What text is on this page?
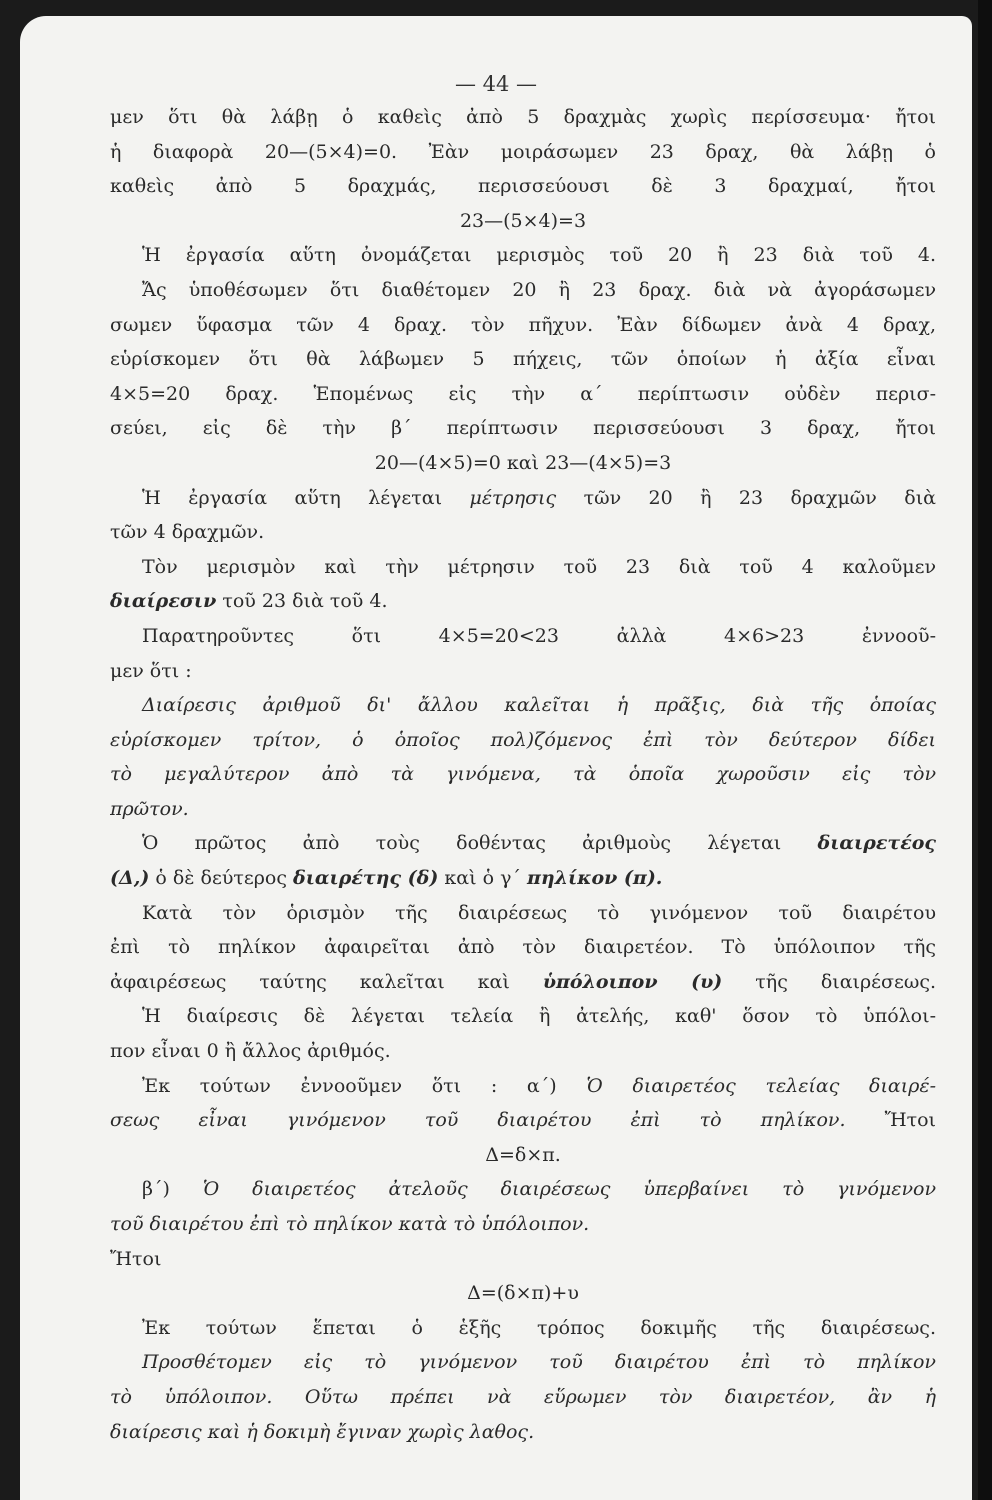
— 44 —
μεν ὅτι θὰ λάβῃ ὁ καθεὶς ἀπὸ 5 δραχμὰς χωρὶς περίσσευμα· ἤτοι
ἡ διαφορὰ 20—(5×4)=0. Ἐὰν μοιράσωμεν 23 δραχ, θὰ λάβῃ ὁ
καθεὶς ἀπὸ 5 δραχμάς, περισσεύουσι δὲ 3 δραχμαί, ἤτοι
23—(5×4)=3
Ἡ ἐργασία αὕτη ὀνομάζεται μερισμὸς τοῦ 20 ἢ 23 διὰ τοῦ 4.
Ἄς ὑποθέσωμεν ὅτι διαθέτομεν 20 ἢ 23 δραχ. διὰ νὰ ἀγοράσωμεν
σωμεν ὕφασμα τῶν 4 δραχ. τὸν πῆχυν. Ἐὰν δίδωμεν ἀνὰ 4 δραχ,
εὑρίσκομεν ὅτι θὰ λάβωμεν 5 πήχεις, τῶν ὁποίων ἡ ἀξία εἶναι
4×5=20 δραχ. Ἑπομένως εἰς τὴν α΄ περίπτωσιν οὐδὲν περισ-
σεύει, εἰς δὲ τὴν β΄ περίπτωσιν περισσεύουσι 3 δραχ, ἤτοι
20—(4×5)=0 καὶ 23—(4×5)=3
Ἡ ἐργασία αὕτη λέγεται μέτρησις τῶν 20 ἢ 23 δραχμῶν διὰ
τῶν 4 δραχμῶν.
Τὸν μερισμὸν καὶ τὴν μέτρησιν τοῦ 23 διὰ τοῦ 4 καλοῦμεν
διαίρεσιν τοῦ 23 διὰ τοῦ 4.
Παρατηροῦντες ὅτι 4×5=20<23 ἀλλὰ 4×6>23 ἐννοοῦ-
μεν ὅτι :
Διαίρεσις ἀριθμοῦ δι' ἄλλου καλεῖται ἡ πρᾶξις, διὰ τῆς ὁποίας
εὑρίσκομεν τρίτον, ὁ ὁποῖος πολ)ζόμενος ἐπὶ τὸν δεύτερον δίδει
τὸ μεγαλύτερον ἀπὸ τὰ γινόμενα, τὰ ὁποῖα χωροῦσιν εἰς τὸν
πρῶτον.
Ὁ πρῶτος ἀπὸ τοὺς δοθέντας ἀριθμοὺς λέγεται διαιρετέος
(Δ,) ὁ δὲ δεύτερος διαιρέτης (δ) καὶ ὁ γ΄ πηλίκον (π).
Κατὰ τὸν ὁρισμὸν τῆς διαιρέσεως τὸ γινόμενον τοῦ διαιρέτου
ἐπὶ τὸ πηλίκον ἀφαιρεῖται ἀπὸ τὸν διαιρετέον. Τὸ ὑπόλοιπον τῆς
ἀφαιρέσεως ταύτης καλεῖται καὶ ὑπόλοιπον (υ) τῆς διαιρέσεως.
Ἡ διαίρεσις δὲ λέγεται τελεία ἢ ἀτελής, καθ' ὅσον τὸ ὑπόλοι-
πον εἶναι 0 ἢ ἄλλος ἀριθμός.
Ἐκ τούτων ἐννοοῦμεν ὅτι : α΄) Ὁ διαιρετέος τελείας διαιρέ-
σεως εἶναι γινόμενον τοῦ διαιρέτου ἐπὶ τὸ πηλίκον. Ἤτοι
Δ=δ×π.
β΄) Ὁ διαιρετέος ἀτελοῦς διαιρέσεως ὑπερβαίνει τὸ γινόμενον
τοῦ διαιρέτου ἐπὶ τὸ πηλίκον κατὰ τὸ ὑπόλοιπον.
Ἤτοι
Δ=(δ×π)+υ
Ἐκ τούτων ἕπεται ὁ ἑξῆς τρόπος δοκιμῆς τῆς διαιρέσεως.
Προσθέτομεν εἰς τὸ γινόμενον τοῦ διαιρέτου ἐπὶ τὸ πηλίκον
τὸ ὑπόλοιπον. Οὕτω πρέπει νὰ εὕρωμεν τὸν διαιρετέον, ἂν ἡ
διαίρεσις καὶ ἡ δοκιμὴ ἔγιναν χωρὶς λαθος.
